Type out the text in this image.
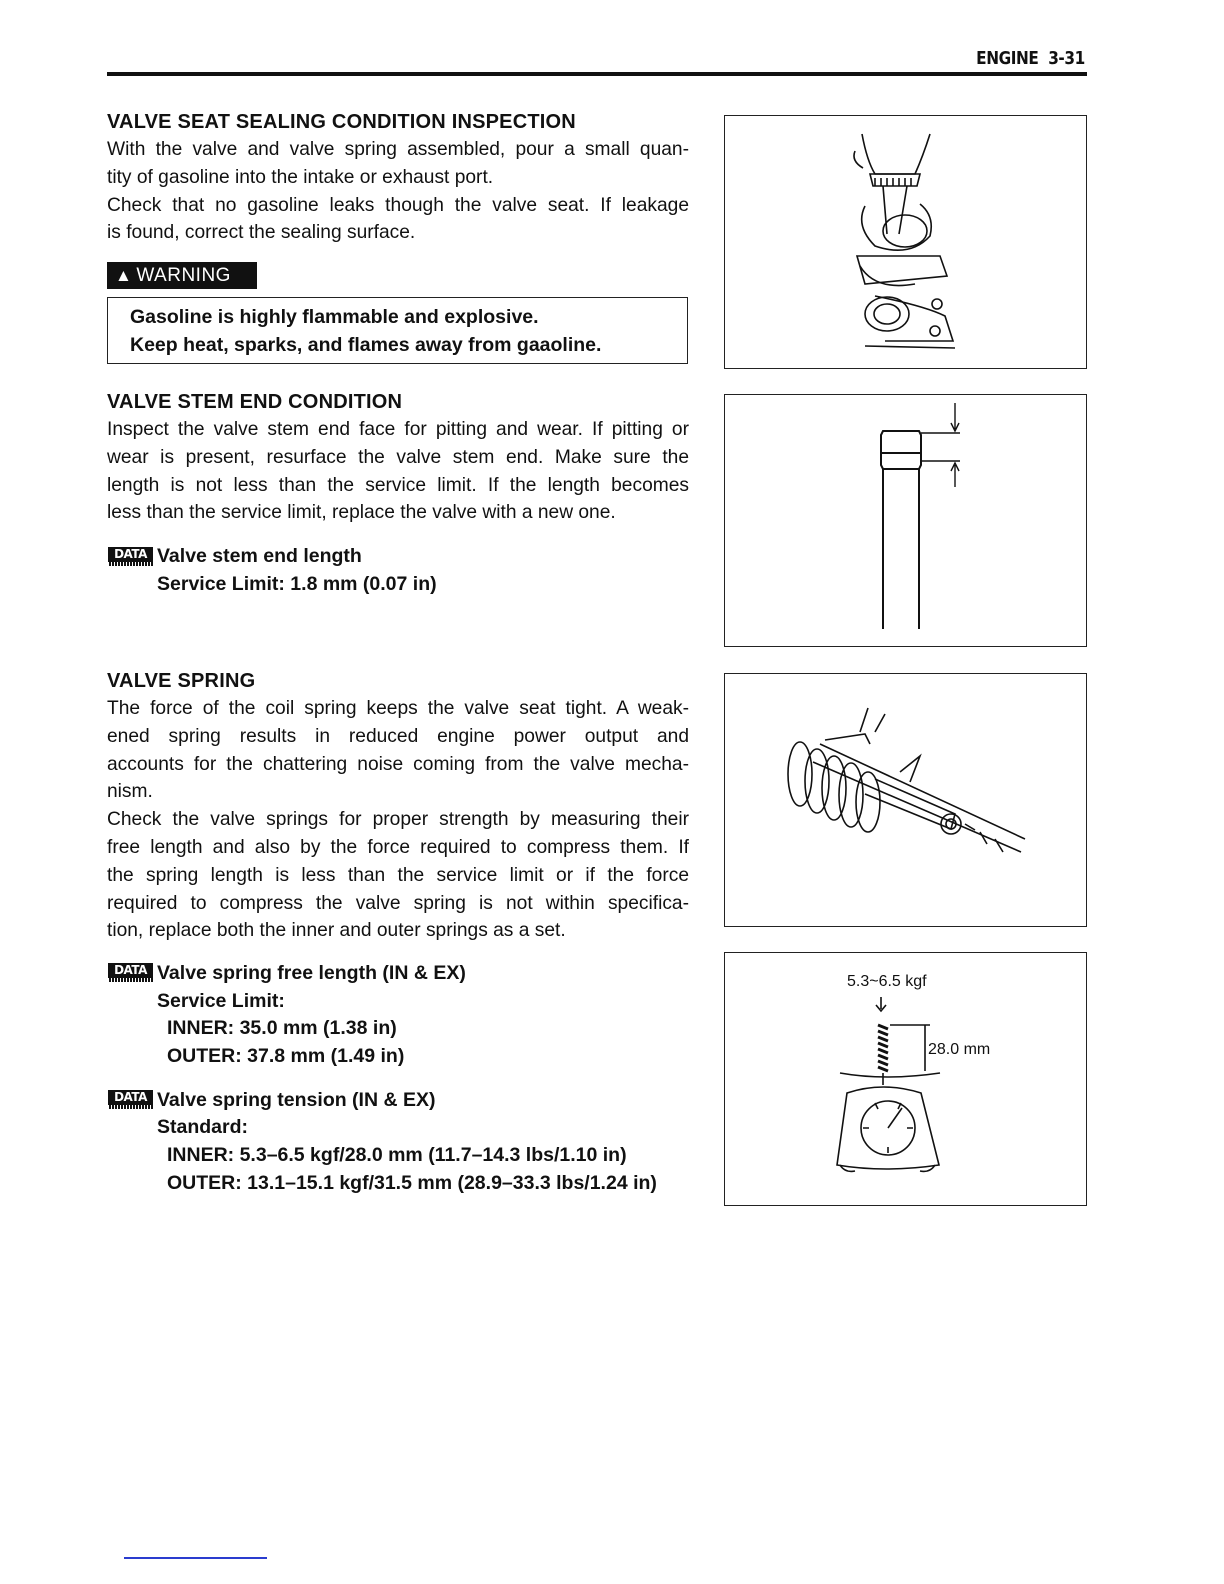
ENGINE 3-31
VALVE SEAT SEALING CONDITION INSPECTION

With the valve and valve spring assembled, pour a small quan-

tity of gasoline into the intake or exhaust port.

Check that no gasoline leaks though the valve seat. If leakage

is found, correct the sealing surface.

▲ WARNING
Gasoline is highly flammable and explosive.
Keep heat, sparks, and flames away from gaaoline.
VALVE STEM END CONDITION

Inspect the valve stem end face for pitting and wear. If pitting or

wear is present, resurface the valve stem end. Make sure the

length is not less than the service limit. If the length becomes

less than the service limit, replace the valve with a new one.

DATA Valve stem end length
Service Limit: 1.8 mm (0.07 in)
VALVE SPRING

The force of the coil spring keeps the valve seat tight. A weak-

ened spring results in reduced engine power output and

accounts for the chattering noise coming from the valve mecha-

nism.

Check the valve springs for proper strength by measuring their

free length and also by the force required to compress them. If

the spring length is less than the service limit or if the force

required to compress the valve spring is not within specifica-

tion, replace both the inner and outer springs as a set.

DATA Valve spring free length (IN & EX)
Service Limit:
INNER: 35.0 mm (1.38 in)
OUTER: 37.8 mm (1.49 in)
DATA Valve spring tension (IN & EX)
Standard:
INNER: 5.3–6.5 kgf/28.0 mm (11.7–14.3 lbs/1.10 in)
OUTER: 13.1–15.1 kgf/31.5 mm (28.9–33.3 lbs/1.24 in)
5.3~6.5 kgf
28.0 mm
